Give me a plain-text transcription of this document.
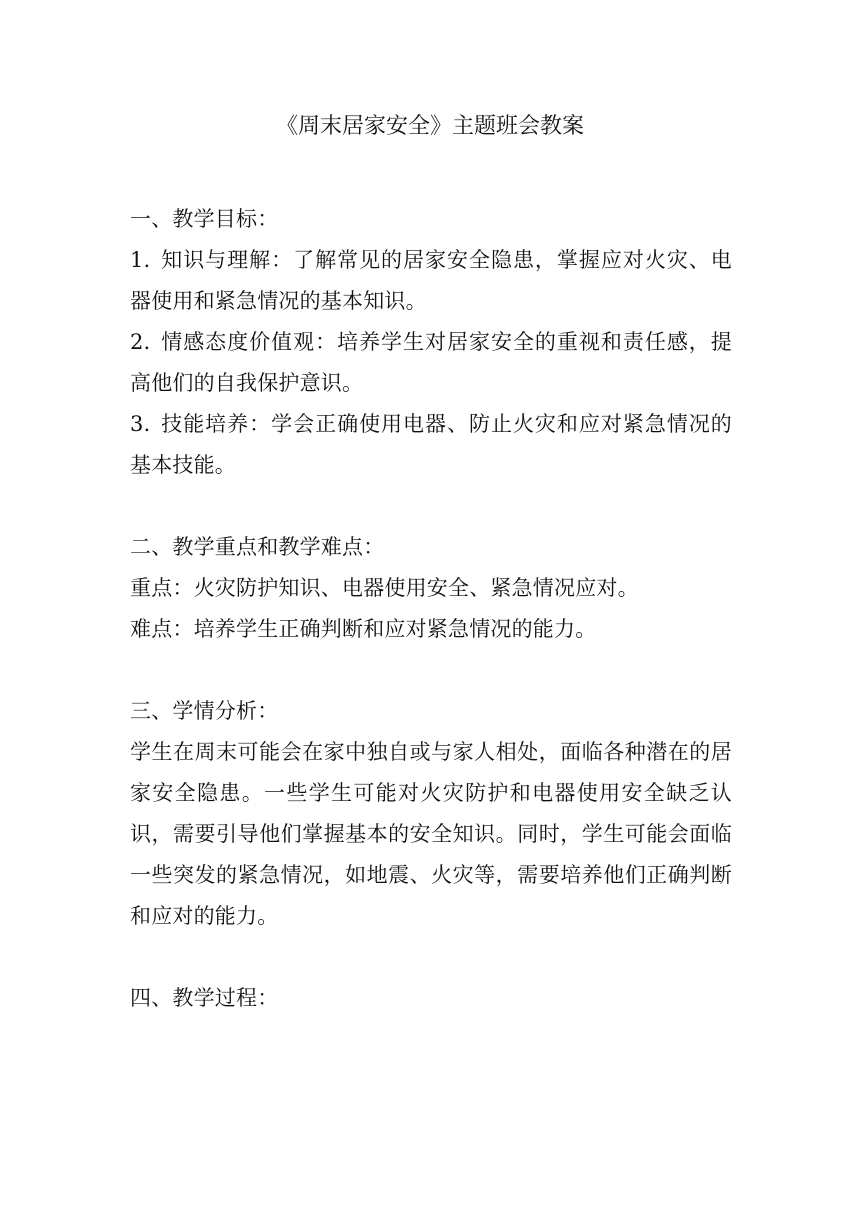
《周末居家安全》主题班会教案
一、教学目标：
1. 知识与理解：了解常见的居家安全隐患，掌握应对火灾、电器使用和紧急情况的基本知识。
2. 情感态度价值观：培养学生对居家安全的重视和责任感，提高他们的自我保护意识。
3. 技能培养：学会正确使用电器、防止火灾和应对紧急情况的基本技能。
二、教学重点和教学难点：
重点：火灾防护知识、电器使用安全、紧急情况应对。
难点：培养学生正确判断和应对紧急情况的能力。
三、学情分析：
学生在周末可能会在家中独自或与家人相处，面临各种潜在的居家安全隐患。一些学生可能对火灾防护和电器使用安全缺乏认识，需要引导他们掌握基本的安全知识。同时，学生可能会面临一些突发的紧急情况，如地震、火灾等，需要培养他们正确判断和应对的能力。
四、教学过程：
